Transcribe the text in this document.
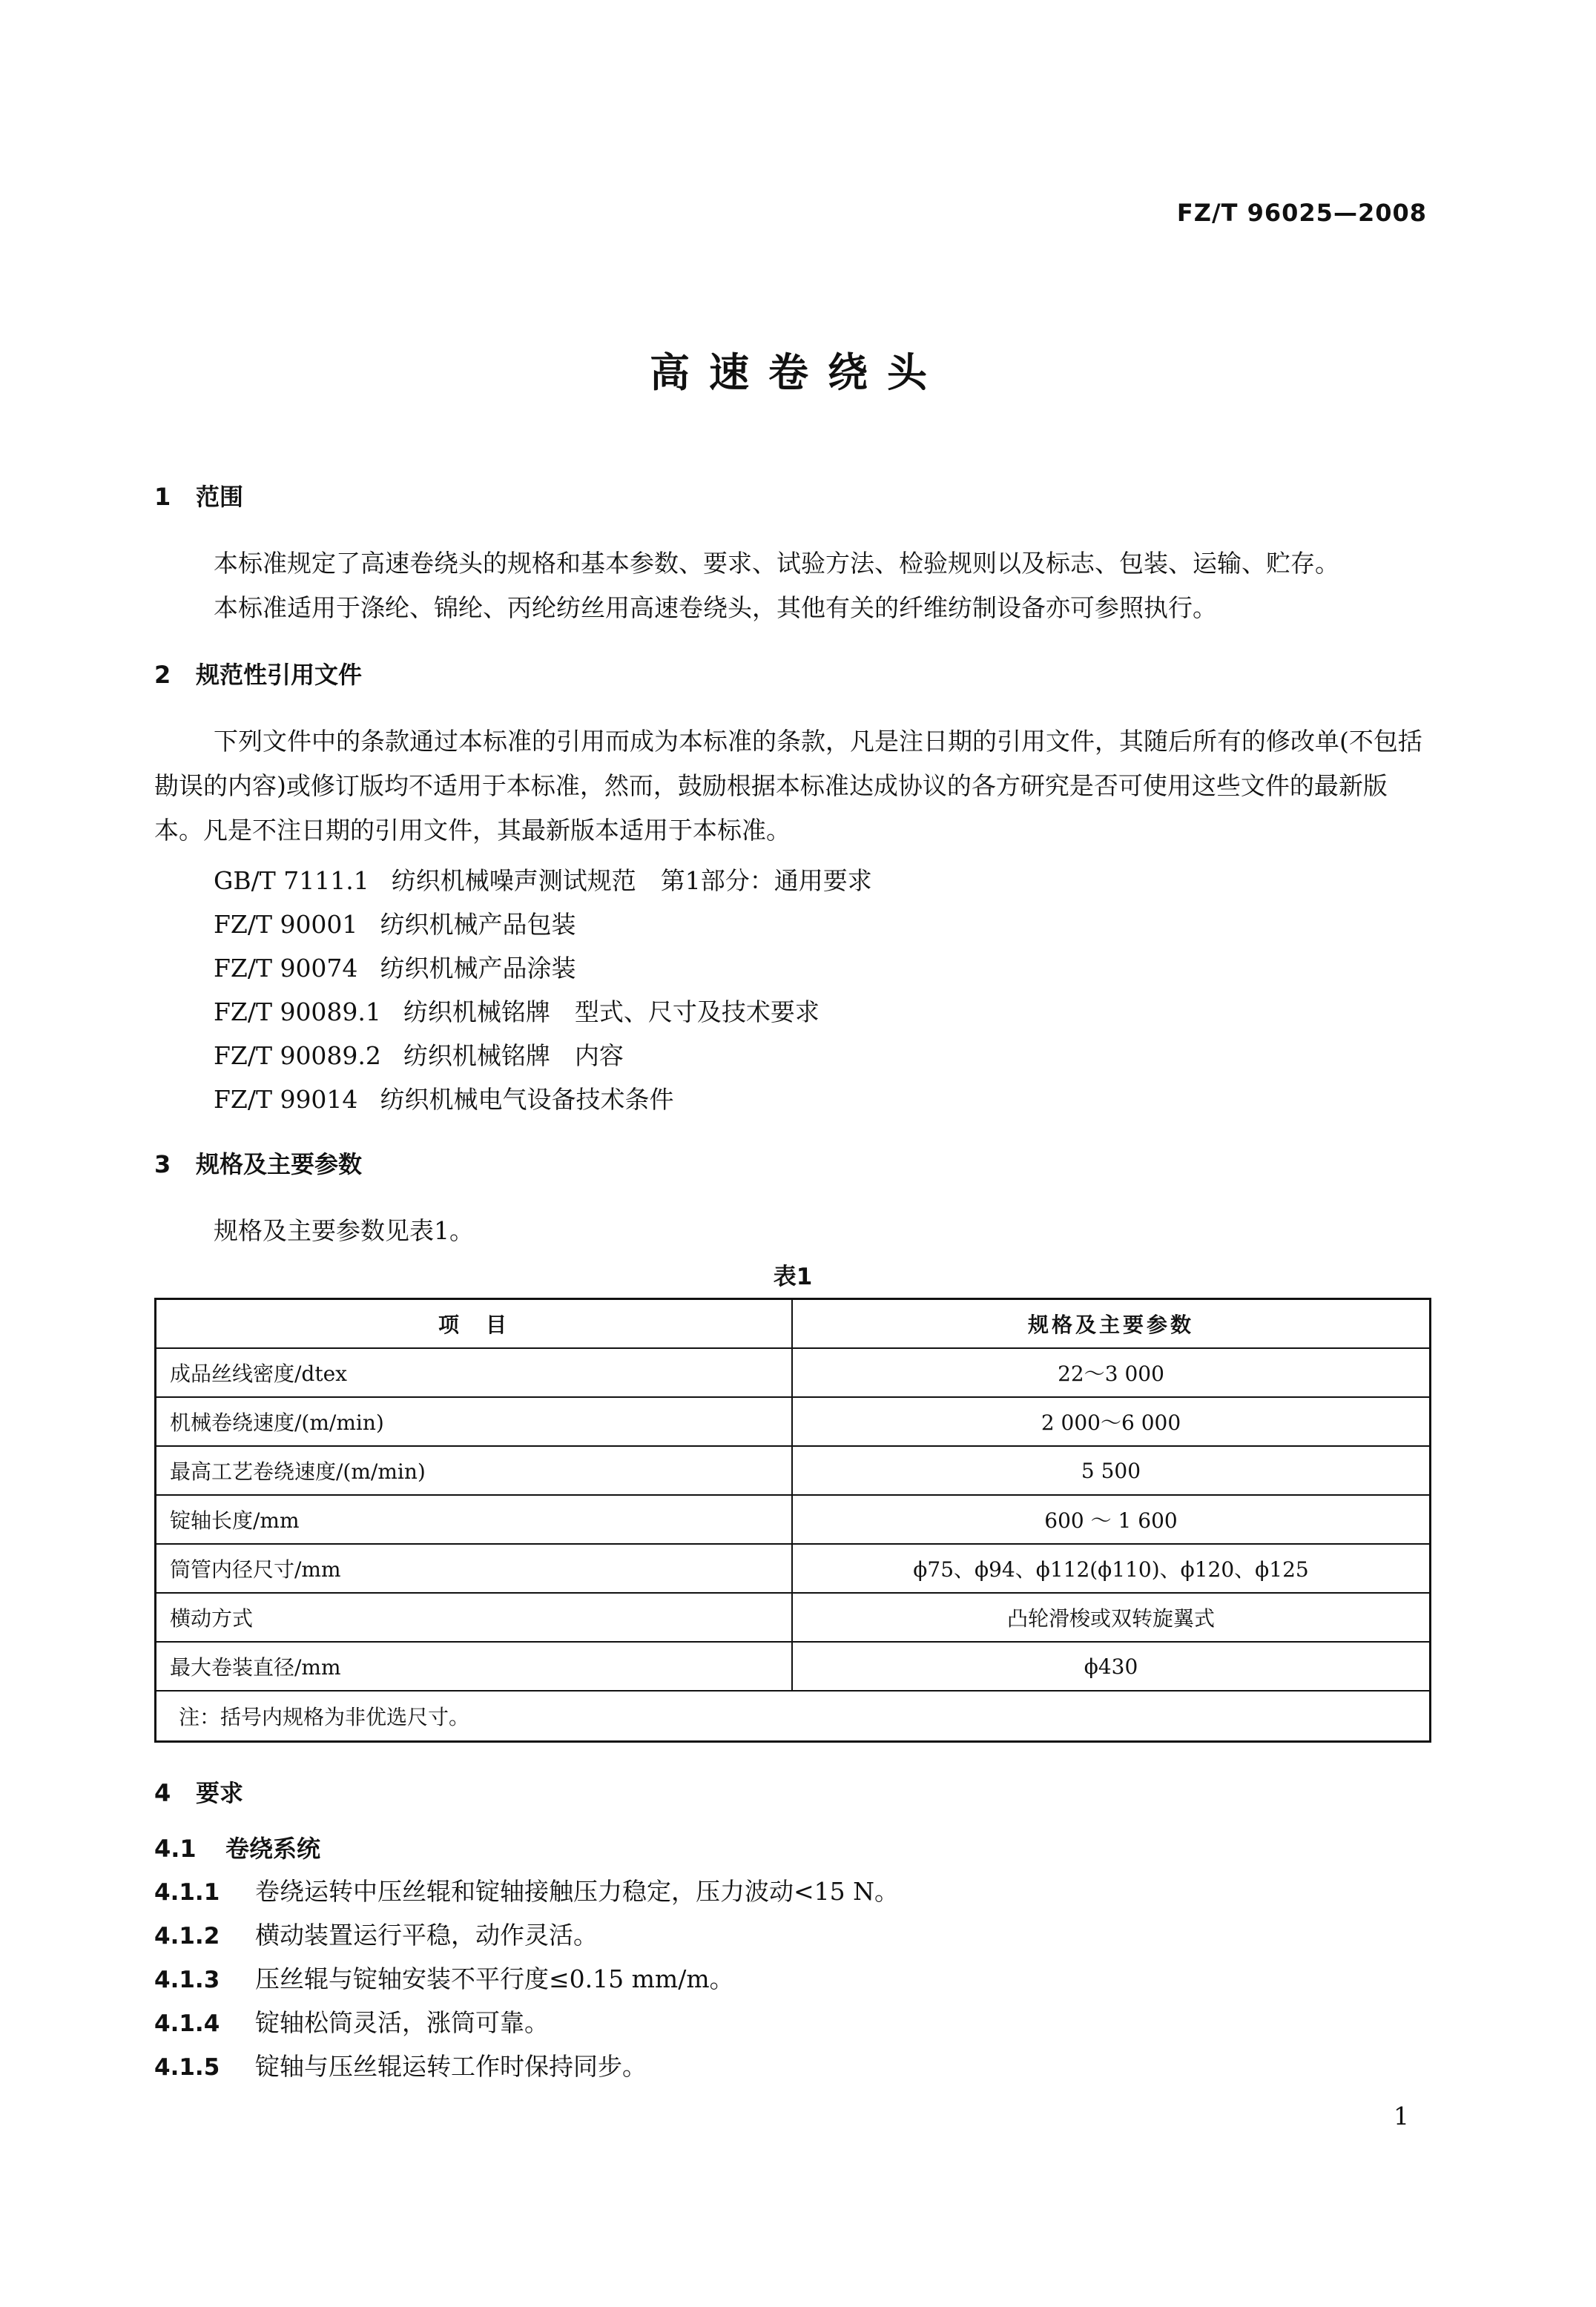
FZ/T 96025—2008
高速卷绕头
1 范围

本标准规定了高速卷绕头的规格和基本参数、要求、试验方法、检验规则以及标志、包装、运输、贮存。

本标准适用于涤纶、锦纶、丙纶纺丝用高速卷绕头，其他有关的纤维纺制设备亦可参照执行。

2 规范性引用文件

下列文件中的条款通过本标准的引用而成为本标准的条款，凡是注日期的引用文件，其随后所有的修改单(不包括勘误的内容)或修订版均不适用于本标准，然而，鼓励根据本标准达成协议的各方研究是否可使用这些文件的最新版本。凡是不注日期的引用文件，其最新版本适用于本标准。

GB/T 7111.1 纺织机械噪声测试规范　第1部分：通用要求
FZ/T 90001 纺织机械产品包装
FZ/T 90074 纺织机械产品涂装
FZ/T 90089.1 纺织机械铭牌　型式、尺寸及技术要求
FZ/T 90089.2 纺织机械铭牌　内容
FZ/T 99014 纺织机械电气设备技术条件
3 规格及主要参数

规格及主要参数见表1。

表1
项　目	规格及主要参数
成品丝线密度/dtex	22～3 000
机械卷绕速度/(m/min)	2 000～6 000
最高工艺卷绕速度/(m/min)	5 500
锭轴长度/mm	600 ～ 1 600
筒管内径尺寸/mm	ϕ75、ϕ94、ϕ112(ϕ110)、ϕ120、ϕ125
横动方式	凸轮滑梭或双转旋翼式
最大卷装直径/mm	ϕ430
注：括号内规格为非优选尺寸。	
4 要求
4.1 卷绕系统

4.1.1 卷绕运转中压丝辊和锭轴接触压力稳定，压力波动<15 N。

4.1.2 横动装置运行平稳，动作灵活。

4.1.3 压丝辊与锭轴安装不平行度≤0.15 mm/m。

4.1.4 锭轴松筒灵活，涨筒可靠。

4.1.5 锭轴与压丝辊运转工作时保持同步。

1
